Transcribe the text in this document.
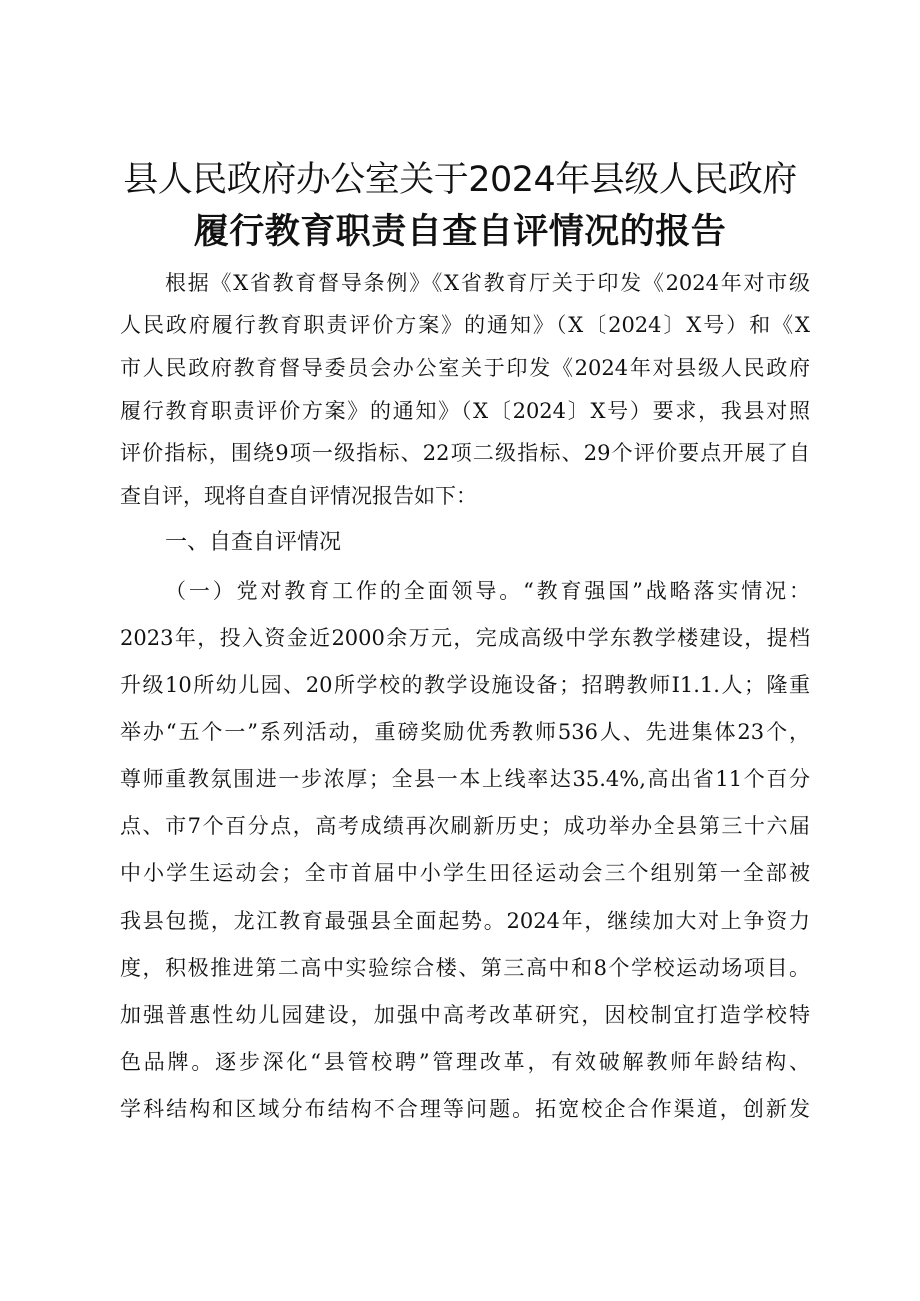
县人民政府办公室关于2024年县级人民政府
履行教育职责自查自评情况的报告
根据《X省教育督导条例》《X省教育厅关于印发《2024年对市级
人民政府履行教育职责评价方案》的通知》（X〔2024〕X号）和《X
市人民政府教育督导委员会办公室关于印发《2024年对县级人民政府
履行教育职责评价方案》的通知》（X〔2024〕X号）要求，我县对照
评价指标，围绕9项一级指标、22项二级指标、29个评价要点开展了自
查自评，现将自查自评情况报告如下：
一、自查自评情况
（一）党对教育工作的全面领导。“教育强国”战略落实情况：
2023年，投入资金近2000余万元，完成高级中学东教学楼建设，提档
升级10所幼儿园、20所学校的教学设施设备；招聘教师I1.1.人；隆重
举办“五个一”系列活动，重磅奖励优秀教师536人、先进集体23个，
尊师重教氛围进一步浓厚；全县一本上线率达35.4%,高出省11个百分
点、市7个百分点，高考成绩再次刷新历史；成功举办全县第三十六届
中小学生运动会；全市首届中小学生田径运动会三个组别第一全部被
我县包揽，龙江教育最强县全面起势。2024年，继续加大对上争资力
度，积极推进第二高中实验综合楼、第三高中和8个学校运动场项目。
加强普惠性幼儿园建设，加强中高考改革研究，因校制宜打造学校特
色品牌。逐步深化“县管校聘”管理改革，有效破解教师年龄结构、
学科结构和区域分布结构不合理等问题。拓宽校企合作渠道，创新发
